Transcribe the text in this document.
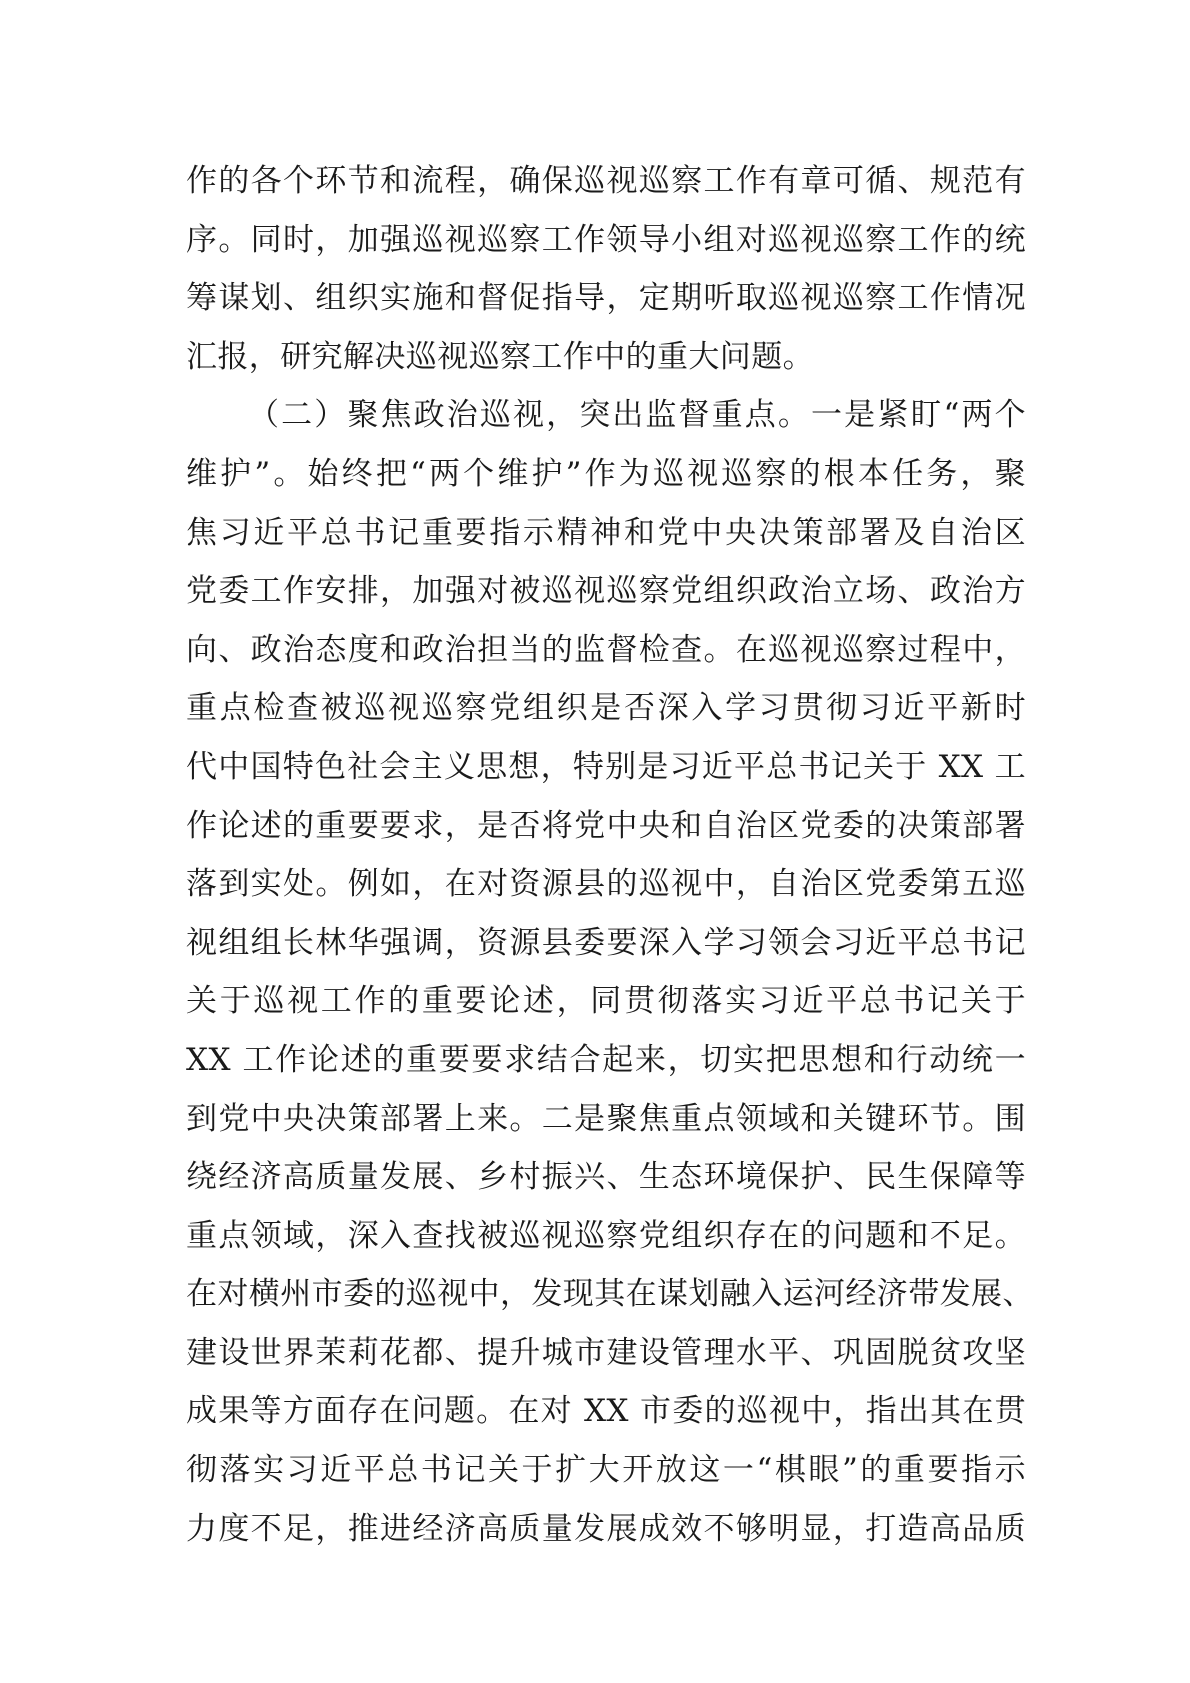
作的各个环节和流程，确保巡视巡察工作有章可循、规范有
序。同时，加强巡视巡察工作领导小组对巡视巡察工作的统
筹谋划、组织实施和督促指导，定期听取巡视巡察工作情况
汇报，研究解决巡视巡察工作中的重大问题。
（二）聚焦政治巡视，突出监督重点。一是紧盯“两个
维护”。始终把“两个维护”作为巡视巡察的根本任务，聚
焦习近平总书记重要指示精神和党中央决策部署及自治区
党委工作安排，加强对被巡视巡察党组织政治立场、政治方
向、政治态度和政治担当的监督检查。在巡视巡察过程中，
重点检查被巡视巡察党组织是否深入学习贯彻习近平新时
代中国特色社会主义思想，特别是习近平总书记关于 XX 工
作论述的重要要求，是否将党中央和自治区党委的决策部署
落到实处。例如，在对资源县的巡视中，自治区党委第五巡
视组组长林华强调，资源县委要深入学习领会习近平总书记
关于巡视工作的重要论述，同贯彻落实习近平总书记关于
XX 工作论述的重要要求结合起来，切实把思想和行动统一
到党中央决策部署上来。二是聚焦重点领域和关键环节。围
绕经济高质量发展、乡村振兴、生态环境保护、民生保障等
重点领域，深入查找被巡视巡察党组织存在的问题和不足。
在对横州市委的巡视中，发现其在谋划融入运河经济带发展、
建设世界茉莉花都、提升城市建设管理水平、巩固脱贫攻坚
成果等方面存在问题。在对 XX 市委的巡视中，指出其在贯
彻落实习近平总书记关于扩大开放这一“棋眼”的重要指示
力度不足，推进经济高质量发展成效不够明显，打造高品质
